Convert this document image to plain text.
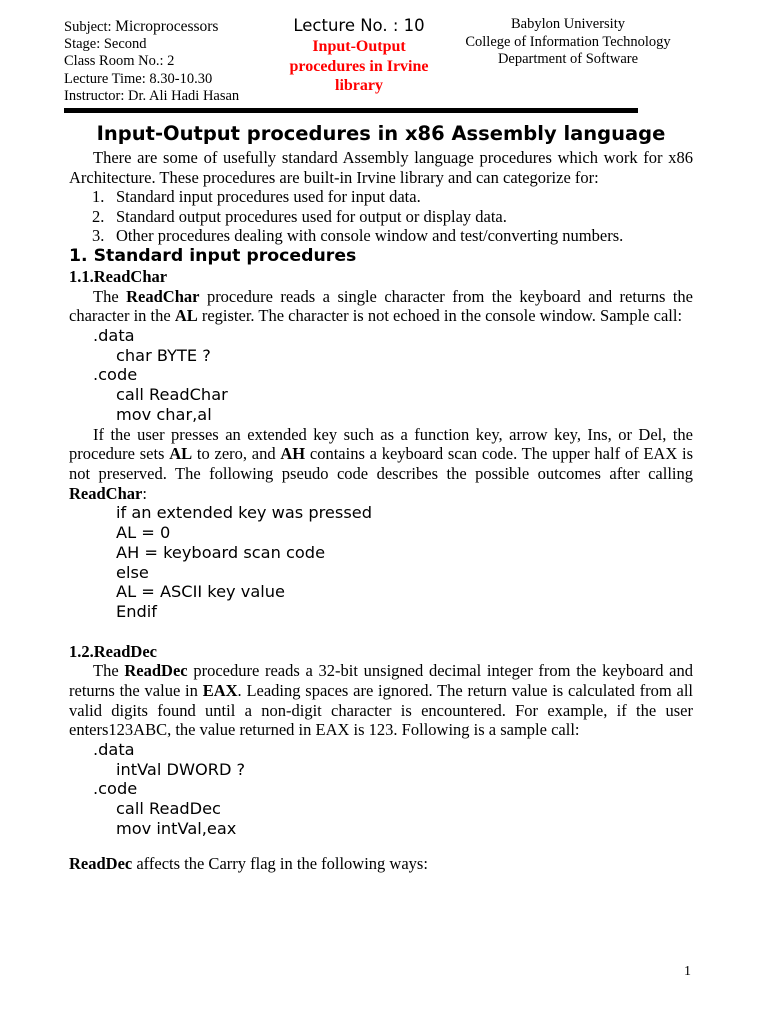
Subject: Microprocessors
Stage: Second
Class Room No.: 2
Lecture Time: 8.30-10.30
Instructor: Dr. Ali Hadi Hasan
Lecture No. : 10
Input-Output procedures in Irvine library
Babylon University
College of Information Technology
Department of Software
Input-Output procedures in x86 Assembly language

There are some of usefully standard Assembly language procedures which work for x86 Architecture. These procedures are built-in Irvine library and can categorize for:

1. Standard input procedures used for input data.
2. Standard output procedures used for output or display data.
3. Other procedures dealing with console window and test/converting numbers.
1. Standard input procedures
1.1.ReadChar

The ReadChar procedure reads a single character from the keyboard and returns the character in the AL register. The character is not echoed in the console window. Sample call:

.data
char BYTE ?
.code
call ReadChar
mov char,al

If the user presses an extended key such as a function key, arrow key, Ins, or Del, the procedure sets AL to zero, and AH contains a keyboard scan code. The upper half of EAX is not preserved. The following pseudo code describes the possible outcomes after calling ReadChar:

if an extended key was pressed
AL = 0
AH = keyboard scan code
else
AL = ASCII key value
Endif
1.2.ReadDec

The ReadDec procedure reads a 32-bit unsigned decimal integer from the keyboard and returns the value in EAX. Leading spaces are ignored. The return value is calculated from all valid digits found until a non-digit character is encountered. For example, if the user enters123ABC, the value returned in EAX is 123. Following is a sample call:

.data
intVal DWORD ?
.code
call ReadDec
mov intVal,eax

ReadDec affects the Carry flag in the following ways:

1
